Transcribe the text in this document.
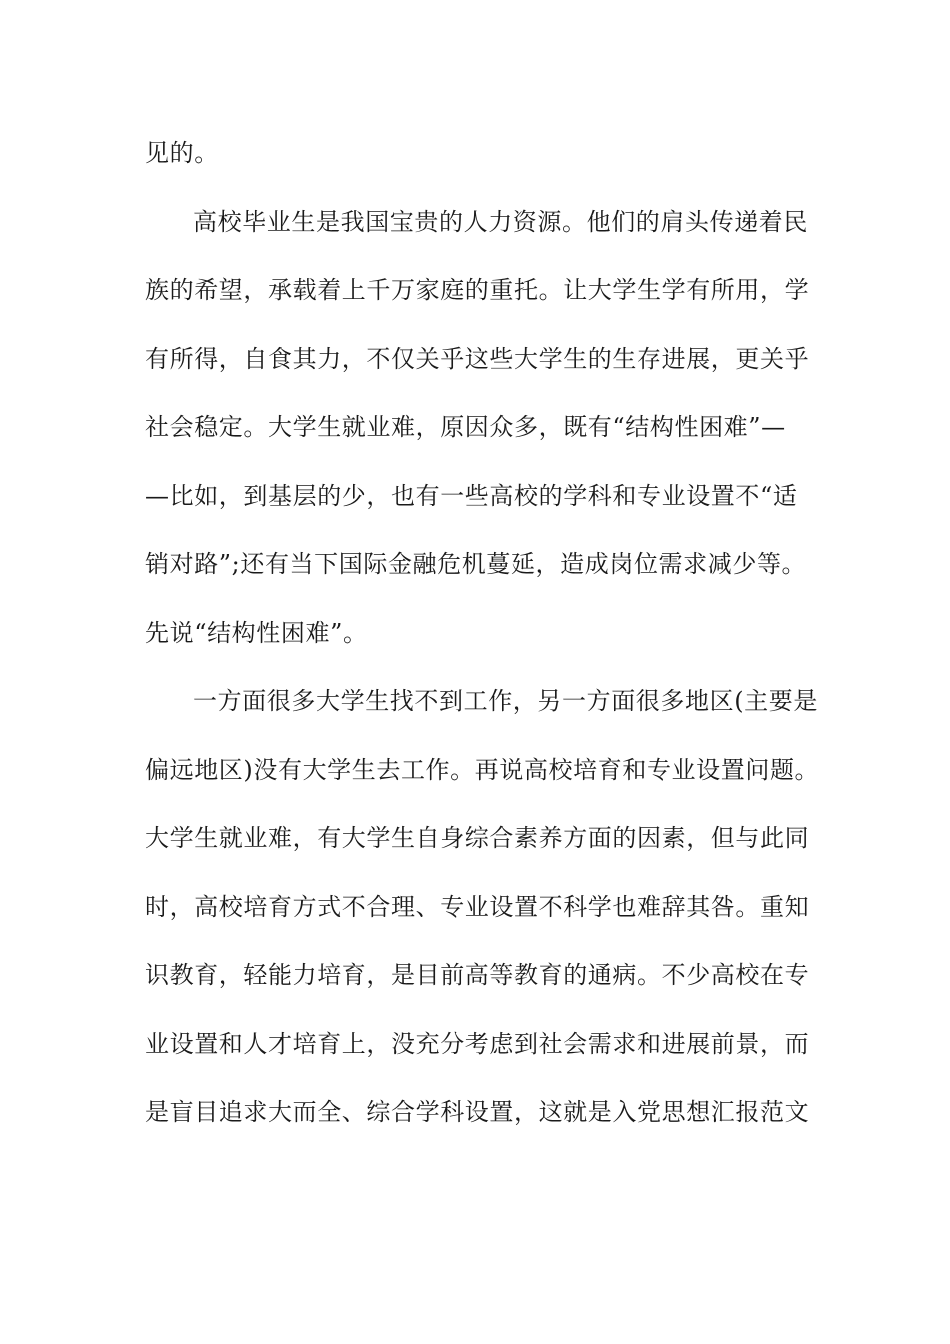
见的。
高校毕业生是我国宝贵的人力资源。他们的肩头传递着民
族的希望，承载着上千万家庭的重托。让大学生学有所用，学
有所得，自食其力，不仅关乎这些大学生的生存进展，更关乎
社会稳定。大学生就业难，原因众多，既有“结构性困难”—
—比如，到基层的少，也有一些高校的学科和专业设置不“适
销对路”;还有当下国际金融危机蔓延，造成岗位需求减少等。
先说“结构性困难”。
一方面很多大学生找不到工作，另一方面很多地区(主要是
偏远地区)没有大学生去工作。再说高校培育和专业设置问题。
大学生就业难，有大学生自身综合素养方面的因素，但与此同
时，高校培育方式不合理、专业设置不科学也难辞其咎。重知
识教育，轻能力培育，是目前高等教育的通病。不少高校在专
业设置和人才培育上，没充分考虑到社会需求和进展前景，而
是盲目追求大而全、综合学科设置，这就是入党思想汇报范文
